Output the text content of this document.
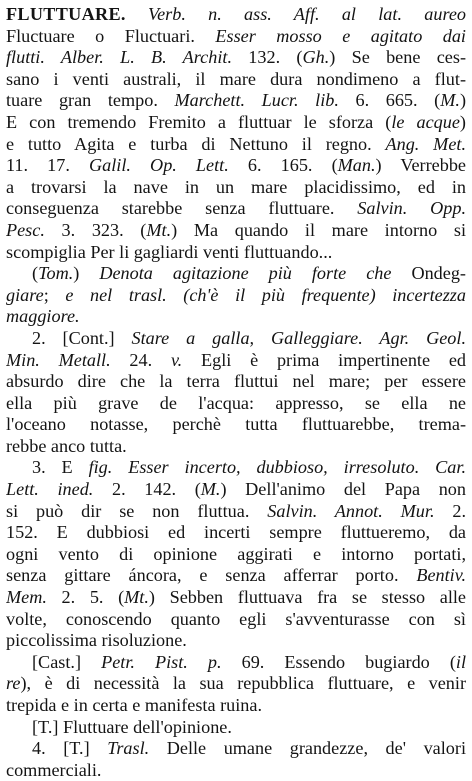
FLUTTUARE. Verb. n. ass. Aff. al lat. aureo
Fluctuare o Fluctuari. Esser mosso e agitato dai
flutti. Alber. L. B. Archit. 132. (Gh.) Se bene ces-
sano i venti australi, il mare dura nondimeno a flut-
tuare gran tempo. Marchett. Lucr. lib. 6. 665. (M.)
E con tremendo Fremito a fluttuar le sforza (le acque)
e tutto Agita e turba di Nettuno il regno. Ang. Met.
11. 17. Galil. Op. Lett. 6. 165. (Man.) Verrebbe
a trovarsi la nave in un mare placidissimo, ed in
conseguenza starebbe senza fluttuare. Salvin. Opp.
Pesc. 3. 323. (Mt.) Ma quando il mare intorno si
scompiglia Per li gagliardi venti fluttuando...
(Tom.) Denota agitazione più forte che Ondeg-
giare; e nel trasl. (ch'è il più frequente) incertezza
maggiore.
2. [Cont.] Stare a galla, Galleggiare. Agr. Geol.
Min. Metall. 24. v. Egli è prima impertinente ed
absurdo dire che la terra fluttui nel mare; per essere
ella più grave de l'acqua: appresso, se ella ne
l'oceano notasse, perchè tutta fluttuarebbe, trema-
rebbe anco tutta.
3. E fig. Esser incerto, dubbioso, irresoluto. Car.
Lett. ined. 2. 142. (M.) Dell'animo del Papa non
si può dir se non fluttua. Salvin. Annot. Mur. 2.
152. E dubbiosi ed incerti sempre fluttueremo, da
ogni vento di opinione aggirati e intorno portati,
senza gittare áncora, e senza afferrar porto. Bentiv.
Mem. 2. 5. (Mt.) Sebben fluttuava fra se stesso alle
volte, conoscendo quanto egli s'avventurasse con sì
piccolissima risoluzione.
[Cast.] Petr. Pist. p. 69. Essendo bugiardo (il
re), è di necessità la sua repubblica fluttuare, e venir
trepida e in certa e manifesta ruina.
[T.] Fluttuare dell'opinione.
4. [T.] Trasl. Delle umane grandezze, de' valori
commerciali.
